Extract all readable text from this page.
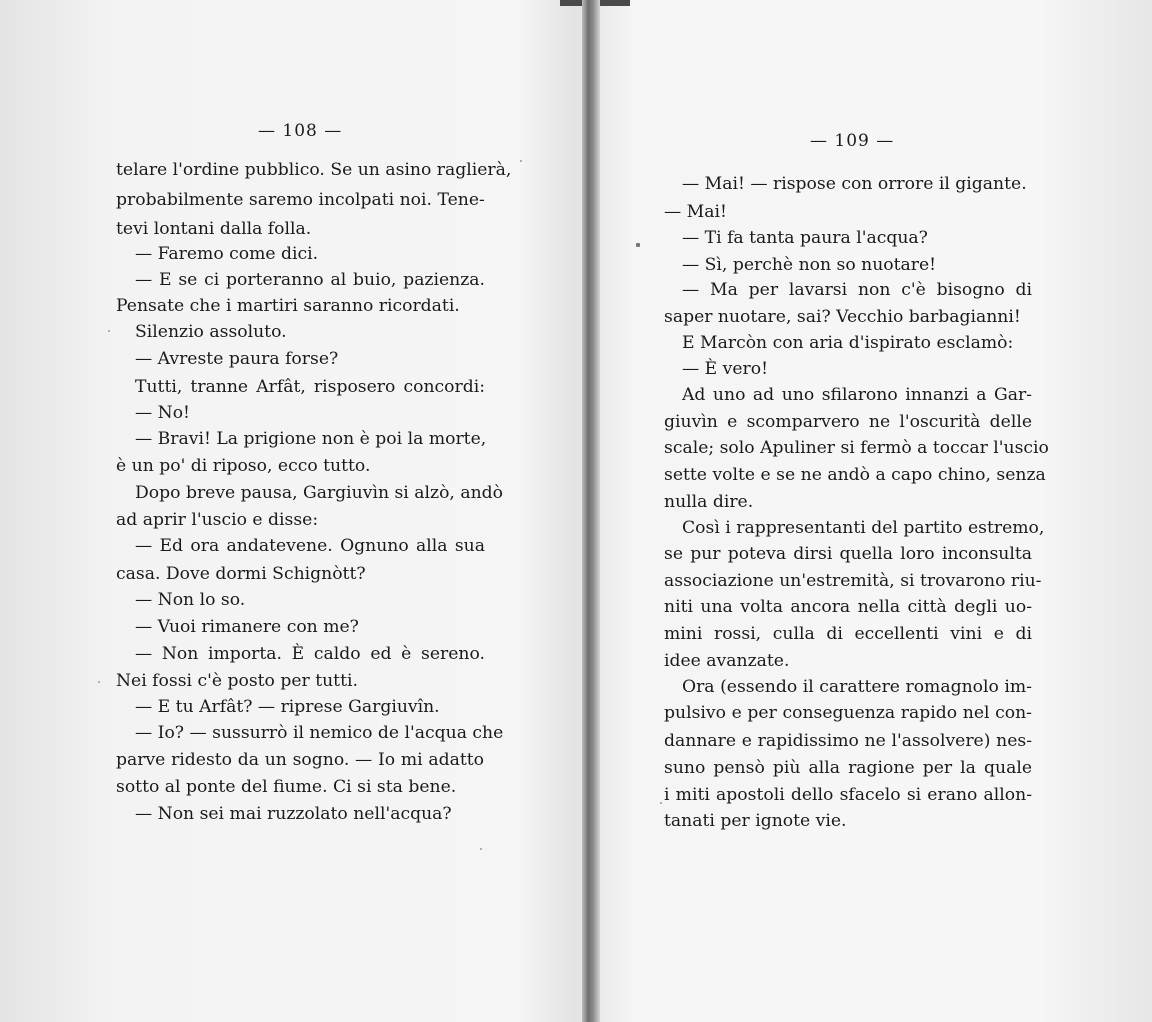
— 108 —
telare l'ordine pubblico. Se un asino raglierà,
probabilmente saremo incolpati noi. Tene-
tevi lontani dalla folla.
— Faremo come dici.
— E se ci porteranno al buio, pazienza.
Pensate che i martiri saranno ricordati.
Silenzio assoluto.
— Avreste paura forse?
Tutti, tranne Arfât, risposero concordi:
— No!
— Bravi! La prigione non è poi la morte,
è un po' di riposo, ecco tutto.
Dopo breve pausa, Gargiuvìn si alzò, andò
ad aprir l'uscio e disse:
— Ed ora andatevene. Ognuno alla sua
casa. Dove dormi Schignòtt?
— Non lo so.
— Vuoi rimanere con me?
— Non importa. È caldo ed è sereno.
Nei fossi c'è posto per tutti.
— E tu Arfât? — riprese Gargiuvîn.
— Io? — sussurrò il nemico de l'acqua che
parve ridesto da un sogno. — Io mi adatto
sotto al ponte del fiume. Ci si sta bene.
— Non sei mai ruzzolato nell'acqua?
— 109 —
— Mai! — rispose con orrore il gigante.
— Mai!
— Ti fa tanta paura l'acqua?
— Sì, perchè non so nuotare!
— Ma per lavarsi non c'è bisogno di
saper nuotare, sai? Vecchio barbagianni!
E Marcòn con aria d'ispirato esclamò:
— È vero!
Ad uno ad uno sfilarono innanzi a Gar-
giuvìn e scomparvero ne l'oscurità delle
scale; solo Apuliner si fermò a toccar l'uscio
sette volte e se ne andò a capo chino, senza
nulla dire.
Così i rappresentanti del partito estremo,
se pur poteva dirsi quella loro inconsulta
associazione un'estremità, si trovarono riu-
niti una volta ancora nella città degli uo-
mini rossi, culla di eccellenti vini e di
idee avanzate.
Ora (essendo il carattere romagnolo im-
pulsivo e per conseguenza rapido nel con-
dannare e rapidissimo ne l'assolvere) nes-
suno pensò più alla ragione per la quale
i miti apostoli dello sfacelo si erano allon-
tanati per ignote vie.
